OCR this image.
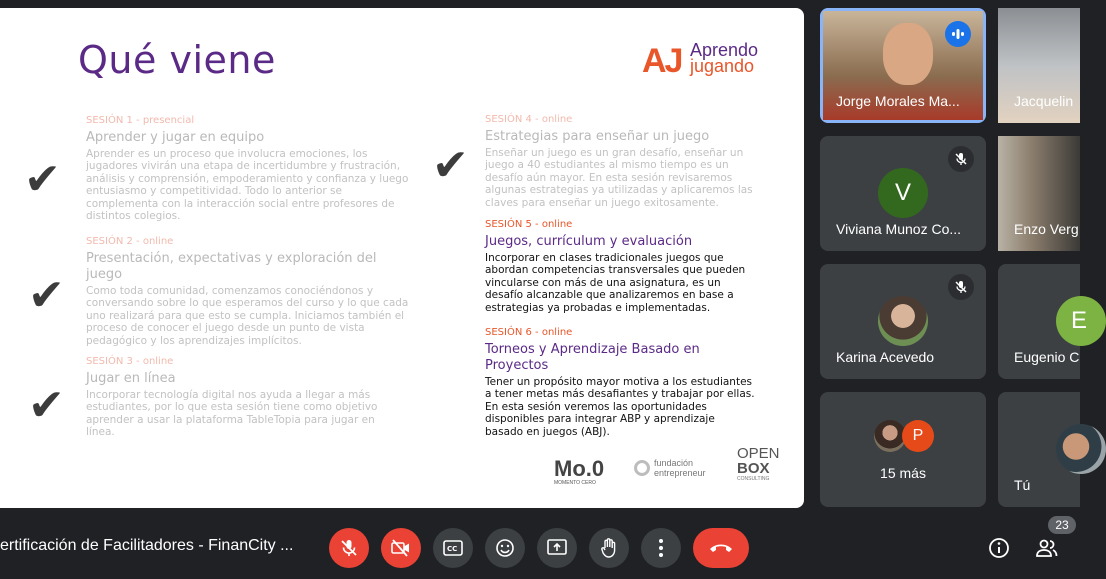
Qué viene	AJ Aprendo
jugando
✔
✔
✔
✔
SESIÓN 1 - presencial
Aprender y jugar en equipo
Aprender es un proceso que involucra emociones, los jugadores vivirán una etapa de incertidumbre y frustración, análisis y comprensión, empoderamiento y confianza y luego entusiasmo y competitividad. Todo lo anterior se complementa con la interacción social entre profesores de distintos colegios.
SESIÓN 2 - online
Presentación, expectativas y exploración del juego
Como toda comunidad, comenzamos conociéndonos y conversando sobre lo que esperamos del curso y lo que cada uno realizará para que esto se cumpla. Iniciamos también el proceso de conocer el juego desde un punto de vista pedagógico y los aprendizajes implícitos.
SESIÓN 3 - online
Jugar en línea
Incorporar tecnología digital nos ayuda a llegar a más estudiantes, por lo que esta sesión tiene como objetivo aprender a usar la plataforma TableTopia para jugar en línea.
SESIÓN 4 - online
Estrategias para enseñar un juego
Enseñar un juego es un gran desafío, enseñar un juego a 40 estudiantes al mismo tiempo es un desafío aún mayor. En esta sesión revisaremos algunas estrategias ya utilizadas y aplicaremos las claves para enseñar un juego exitosamente.
SESIÓN 5 - online
Juegos, currículum y evaluación
Incorporar en clases tradicionales juegos que abordan competencias transversales que pueden vincularse con más de una asignatura, es un desafío alcanzable que analizaremos en base a estrategias ya probadas e implementadas.
SESIÓN 6 - online
Torneos y Aprendizaje Basado en Proyectos
Tener un propósito mayor motiva a los estudiantes a tener metas más desafiantes y trabajar por ellas. En esta sesión veremos las oportunidades disponibles para integrar ABP y aprendizaje basado en juegos (ABJ).
Mo.0
MOMENTO CERO
fundación
entrepreneur
OPEN
BOX
CONSULTING
Jorge Morales Ma...	Jacquelin
V
Viviana Munoz Co...	Enzo Verg
Karina Acevedo
E
Eugenio C
P
15 más
Tú
ertificación de Facilitadores - FinanCity ...	CC
23
